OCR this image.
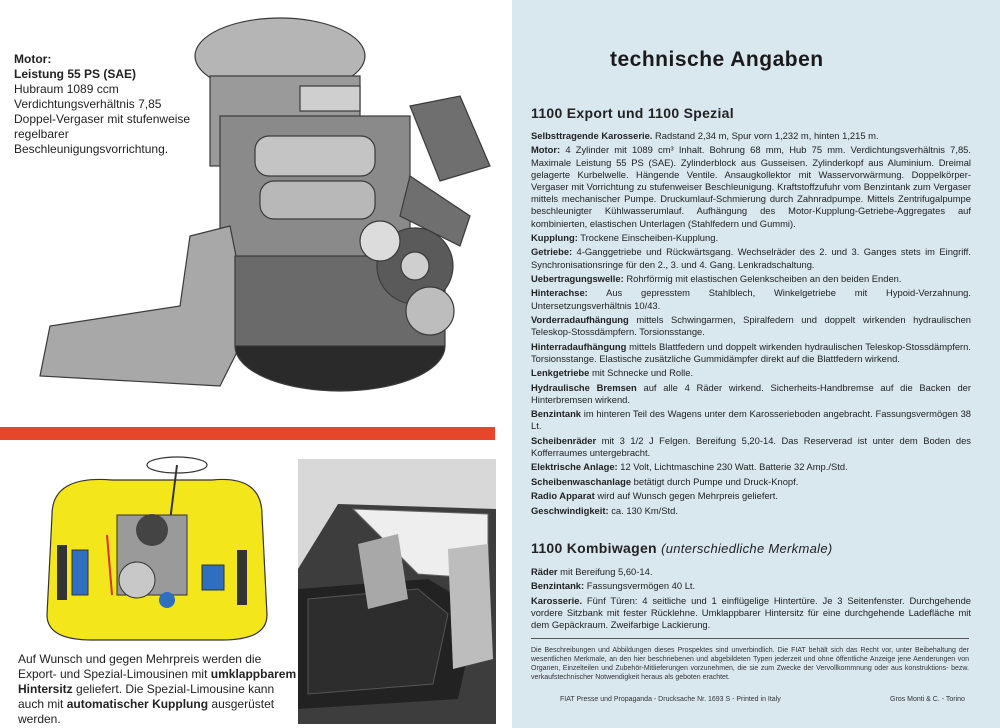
Motor:
Leistung 55 PS (SAE)
Hubraum 1089 ccm
Verdichtungsverhältnis 7,85
Doppel-Vergaser mit stufenweise regelbarer
Beschleunigungsvorrichtung.
Auf Wunsch und gegen Mehrpreis werden die Export- und Spezial-Limousinen mit umklappbarem Hintersitz geliefert. Die Spezial-Limousine kann auch mit automatischer Kupplung ausgerüstet werden.
technische Angaben
1100 Export und 1100 Spezial
Selbsttragende Karosserie. Radstand 2,34 m, Spur vorn 1,232 m, hinten 1,215 m.
Motor: 4 Zylinder mit 1089 cm³ Inhalt. Bohrung 68 mm, Hub 75 mm. Verdichtungsverhältnis 7,85. Maximale Leistung 55 PS (SAE). Zylinderblock aus Gusseisen. Zylinderkopf aus Aluminium. Dreimal gelagerte Kurbelwelle. Hängende Ventile. Ansaugkollektor mit Wasservorwärmung. Doppelkörper-Vergaser mit Vorrichtung zu stufenweiser Beschleunigung. Kraftstoffzufuhr vom Benzintank zum Vergaser mittels mechanischer Pumpe. Druckumlauf-Schmierung durch Zahnradpumpe. Mittels Zentrifugalpumpe beschleunigter Kühlwasserumlauf. Aufhängung des Motor-Kupplung-Getriebe-Aggregates auf kombinierten, elastischen Unterlagen (Stahlfedern und Gummi).
Kupplung: Trockene Einscheiben-Kupplung.
Getriebe: 4-Ganggetriebe und Rückwärtsgang. Wechselräder des 2. und 3. Ganges stets im Eingriff. Synchronisationsringe für den 2., 3. und 4. Gang. Lenkradschaltung.
Uebertragungswelle: Rohrförmig mit elastischen Gelenkscheiben an den beiden Enden.
Hinterachse: Aus gepresstem Stahlblech, Winkelgetriebe mit Hypoid-Verzahnung. Untersetzungsverhältnis 10/43.
Vorderradaufhängung mittels Schwingarmen, Spiralfedern und doppelt wirkenden hydraulischen Teleskop-Stossdämpfern. Torsionsstange.
Hinterradaufhängung mittels Blattfedern und doppelt wirkenden hydraulischen Teleskop-Stossdämpfern. Torsionsstange. Elastische zusätzliche Gummidämpfer direkt auf die Blattfedern wirkend.
Lenkgetriebe mit Schnecke und Rolle.
Hydraulische Bremsen auf alle 4 Räder wirkend. Sicherheits-Handbremse auf die Backen der Hinterbremsen wirkend.
Benzintank im hinteren Teil des Wagens unter dem Karosserieboden angebracht. Fassungsvermögen 38 Lt.
Scheibenräder mit 3 1/2 J Felgen. Bereifung 5,20-14. Das Reserverad ist unter dem Boden des Kofferraumes untergebracht.
Elektrische Anlage: 12 Volt, Lichtmaschine 230 Watt. Batterie 32 Amp./Std.
Scheibenwaschanlage betätigt durch Pumpe und Druck-Knopf.
Radio Apparat wird auf Wunsch gegen Mehrpreis geliefert.
Geschwindigkeit: ca. 130 Km/Std.
1100 Kombiwagen (unterschiedliche Merkmale)
Räder mit Bereifung 5,60-14.
Benzintank: Fassungsvermögen 40 Lt.
Karosserie. Fünf Türen: 4 seitliche und 1 einflügelige Hintertüre. Je 3 Seitenfenster. Durchgehende vordere Sitzbank mit fester Rücklehne. Umklappbarer Hintersitz für eine durchgehende Ladefläche mit dem Gepäckraum. Zweifarbige Lackierung.
Die Beschreibungen und Abbildungen dieses Prospektes sind unverbindlich. Die FIAT behält sich das Recht vor, unter Beibehaltung der wesentlichen Merkmale, an den hier beschriebenen und abgebildeten Typen jederzeit und ohne öffentliche Anzeige jene Aenderungen von Organen, Einzelteilen und Zubehör-Mitlieferungen vorzunehmen, die sie zum Zwecke der Vervollkommnung oder aus konstruktions- bezw. verkaufstechnischer Notwendigkeit heraus als geboten erachtet.
FIAT Presse und Propaganda - Drucksache Nr. 1693 S - Printed in Italy	Gros Monti & C. - Torino
